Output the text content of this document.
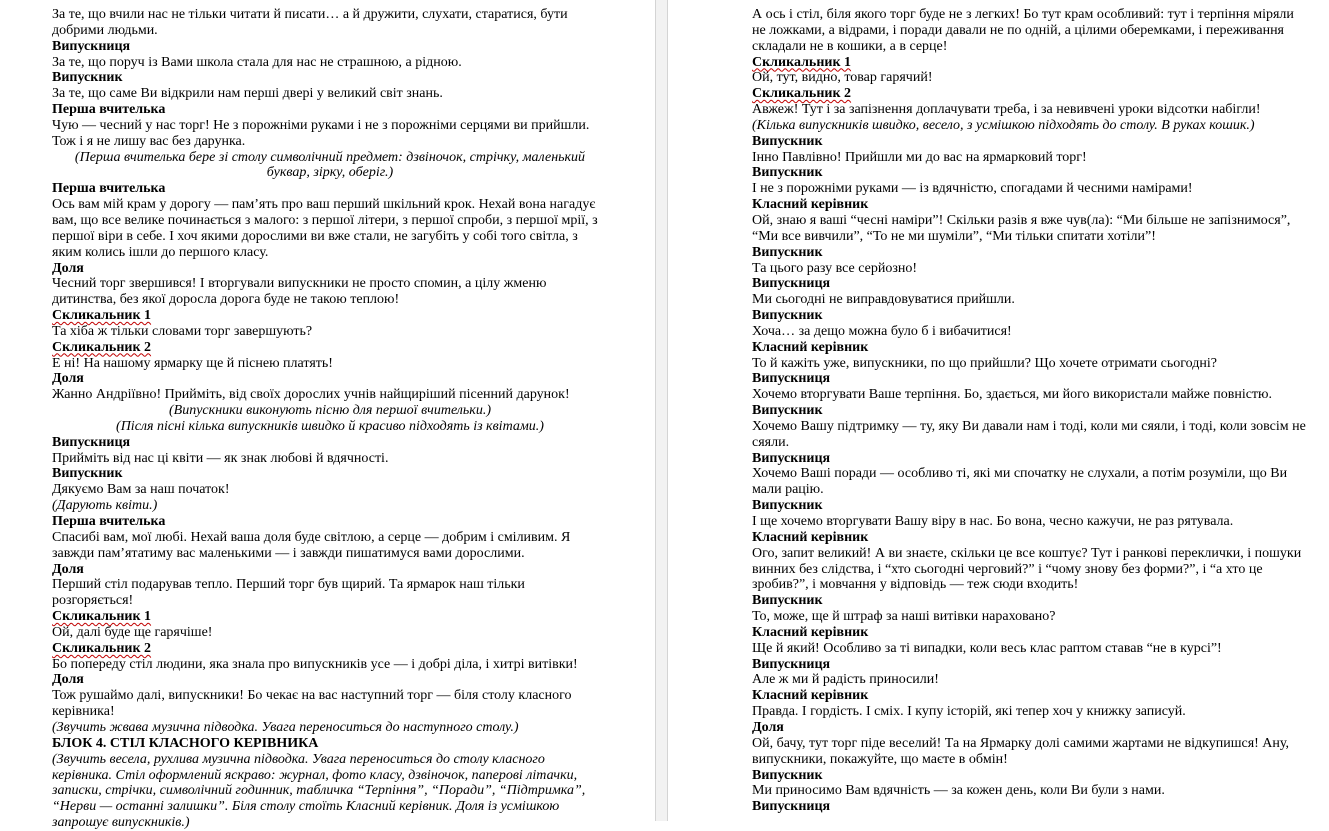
За те, що вчили нас не тільки читати й писати… а й дружити, слухати, старатися, бути добрими людьми.

Випускниця

За те, що поруч із Вами школа стала для нас не страшною, а рідною.

Випускник

За те, що саме Ви відкрили нам перші двері у великий світ знань.

Перша вчителька

Чую — чесний у нас торг! Не з порожніми руками і не з порожніми серцями ви прийшли. Тож і я не лишу вас без дарунка.

(Перша вчителька бере зі столу символічний предмет: дзвіночок, стрічку, маленький буквар, зірку, оберіг.)

Перша вчителька

Ось вам мій крам у дорогу — пам’ять про ваш перший шкільний крок. Нехай вона нагадує вам, що все велике починається з малого: з першої літери, з першої спроби, з першої мрії, з першої віри в себе. І хоч якими дорослими ви вже стали, не загубіть у собі того світла, з яким колись ішли до першого класу.

Доля

Чесний торг звершився! І вторгували випускники не просто спомин, а цілу жменю дитинства, без якої доросла дорога буде не такою теплою!

Скликальник 1

Та хіба ж тільки словами торг завершують?

Скликальник 2

Е ні! На нашому ярмарку ще й піснею платять!

Доля

Жанно Андріївно! Прийміть, від своїх дорослих учнів найщиріший пісенний дарунок!

(Випускники виконують пісню для першої вчительки.)

(Після пісні кілька випускників швидко й красиво підходять із квітами.)

Випускниця

Прийміть від нас ці квіти — як знак любові й вдячності.

Випускник

Дякуємо Вам за наш початок!

(Дарують квіти.)

Перша вчителька

Спасибі вам, мої любі. Нехай ваша доля буде світлою, а серце — добрим і сміливим. Я завжди пам’ятатиму вас маленькими — і завжди пишатимуся вами дорослими.

Доля

Перший стіл подарував тепло. Перший торг був щирий. Та ярмарок наш тільки розгоряється!

Скликальник 1

Ой, далі буде ще гарячіше!

Скликальник 2

Бо попереду стіл людини, яка знала про випускників усе — і добрі діла, і хитрі витівки!

Доля

Тож рушаймо далі, випускники! Бо чекає на вас наступний торг — біля столу класного керівника!

(Звучить жвава музична підводка. Увага переноситься до наступного столу.)

БЛОК 4. СТІЛ КЛАСНОГО КЕРІВНИКА

(Звучить весела, рухлива музична підводка. Увага переноситься до столу класного керівника. Стіл оформлений яскраво: журнал, фото класу, дзвіночок, паперові літачки, записки, стрічки, символічний годинник, табличка “Терпіння”, “Поради”, “Підтримка”, “Нерви — останні залишки”. Біля столу стоїть Класний керівник. Доля із усмішкою запрошує випускників.)

А ось і стіл, біля якого торг буде не з легких! Бо тут крам особливий: тут і терпіння міряли не ложками, а відрами, і поради давали не по одній, а цілими оберемками, і переживання складали не в кошики, а в серце!

Скликальник 1

Ой, тут, видно, товар гарячий!

Скликальник 2

Авжеж! Тут і за запізнення доплачувати треба, і за невивчені уроки відсотки набігли!

(Кілька випускників швидко, весело, з усмішкою підходять до столу. В руках кошик.)

Випускник

Інно Павлівно! Прийшли ми до вас на ярмарковий торг!

Випускник

І не з порожніми руками — із вдячністю, спогадами й чесними намірами!

Класний керівник

Ой, знаю я ваші “чесні наміри”! Скільки разів я вже чув(ла): “Ми більше не запізнимося”, “Ми все вивчили”, “То не ми шуміли”, “Ми тільки спитати хотіли”!

Випускник

Та цього разу все серйозно!

Випускниця

Ми сьогодні не виправдовуватися прийшли.

Випускник

Хоча… за дещо можна було б і вибачитися!

Класний керівник

То й кажіть уже, випускники, по що прийшли? Що хочете отримати сьогодні?

Випускниця

Хочемо вторгувати Ваше терпіння. Бо, здається, ми його використали майже повністю.

Випускник

Хочемо Вашу підтримку — ту, яку Ви давали нам і тоді, коли ми сяяли, і тоді, коли зовсім не сяяли.

Випускниця

Хочемо Ваші поради — особливо ті, які ми спочатку не слухали, а потім розуміли, що Ви мали рацію.

Випускник

І ще хочемо вторгувати Вашу віру в нас. Бо вона, чесно кажучи, не раз рятувала.

Класний керівник

Ого, запит великий! А ви знаєте, скільки це все коштує? Тут і ранкові переклички, і пошуки винних без слідства, і “хто сьогодні черговий?” і “чому знову без форми?”, і “а хто це зробив?”, і мовчання у відповідь — теж сюди входить!

Випускник

То, може, ще й штраф за наші витівки нараховано?

Класний керівник

Ще й який! Особливо за ті випадки, коли весь клас раптом ставав “не в курсі”!

Випускниця

Але ж ми й радість приносили!

Класний керівник

Правда. І гордість. І сміх. І купу історій, які тепер хоч у книжку записуй.

Доля

Ой, бачу, тут торг піде веселий! Та на Ярмарку долі самими жартами не відкупишся! Ану, випускники, покажуйте, що маєте в обмін!

Випускник

Ми приносимо Вам вдячність — за кожен день, коли Ви були з нами.

Випускниця
